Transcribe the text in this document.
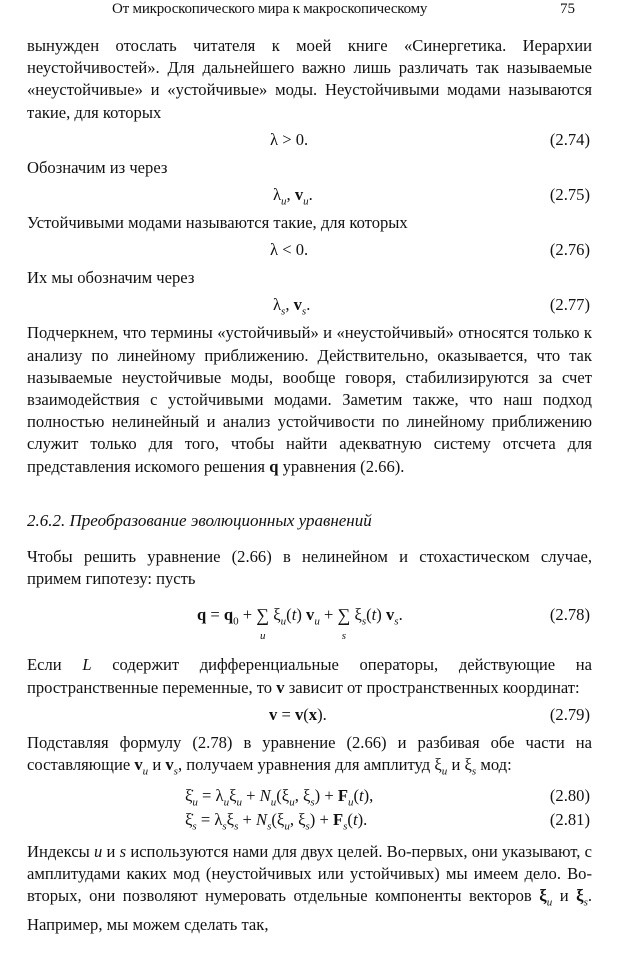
От микроскопического мира к макроскопическому	75

вынужден отослать читателя к моей книге «Синергетика. Иерархии неустойчивостей». Для дальнейшего важно лишь различать так называемые «неустойчивые» и «устойчивые» моды. Неустойчивыми модами называются такие, для которых

λ > 0.	(2.74)

Обозначим из через

$\lambda_u$, $v_u$.	(2.75)

Устойчивыми модами называются такие, для которых

λ < 0.	(2.76)

Их мы обозначим через

$\lambda_s$, $v_s$.	(2.77)

Подчеркнем, что термины «устойчивый» и «неустойчивый» относятся только к анализу по линейному приближению. Действительно, оказывается, что так называемые неустойчивые моды, вообще говоря, стабилизируются за счет взаимодействия с устойчивыми модами. Заметим также, что наш подход полностью нелинейный и анализ устойчивости по линейному приближению служит только для того, чтобы найти адекватную систему отсчета для представления искомого решения q уравнения (2.66).

2.6.2. Преобразование эволюционных уравнений

Чтобы решить уравнение (2.66) в нелинейном и стохастическом случае, примем гипотезу: пусть

$q = q_0$ + ∑
u
$\xi_u(t) v_u$ + ∑
s
$\xi_s(t)$ $v_s$.	(2.78)

Если L содержит дифференциальные операторы, действующие на пространственные переменные, то v зависит от пространственных координат:

v = v(x).	(2.79)

Подставляя формулу (2.78) в уравнение (2.66) и разбивая обе части на составляющие $v_u$ и $v_s$, получаем уравнения для амплитуд $\xi_u$ и $\xi_s$ мод:

$\xi̇_u = \lambda_u\xi_u + N_u(\xi_u$, $\xi_s) + F_u(t)$,	(2.80)
$\xi̇_s = \lambda_s\xi_s + N_s(\xi_u$, $\xi_s) + F_s(t)$.	(2.81)

Индексы u и s используются нами для двух целей. Во-первых, они указывают, с амплитудами каких мод (неустойчивых или устойчивых) мы имеем дело. Во-вторых, они позволяют нумеровать отдельные компоненты векторов $\xi_u$ и $\xi_s$. Например, мы можем сделать так,
